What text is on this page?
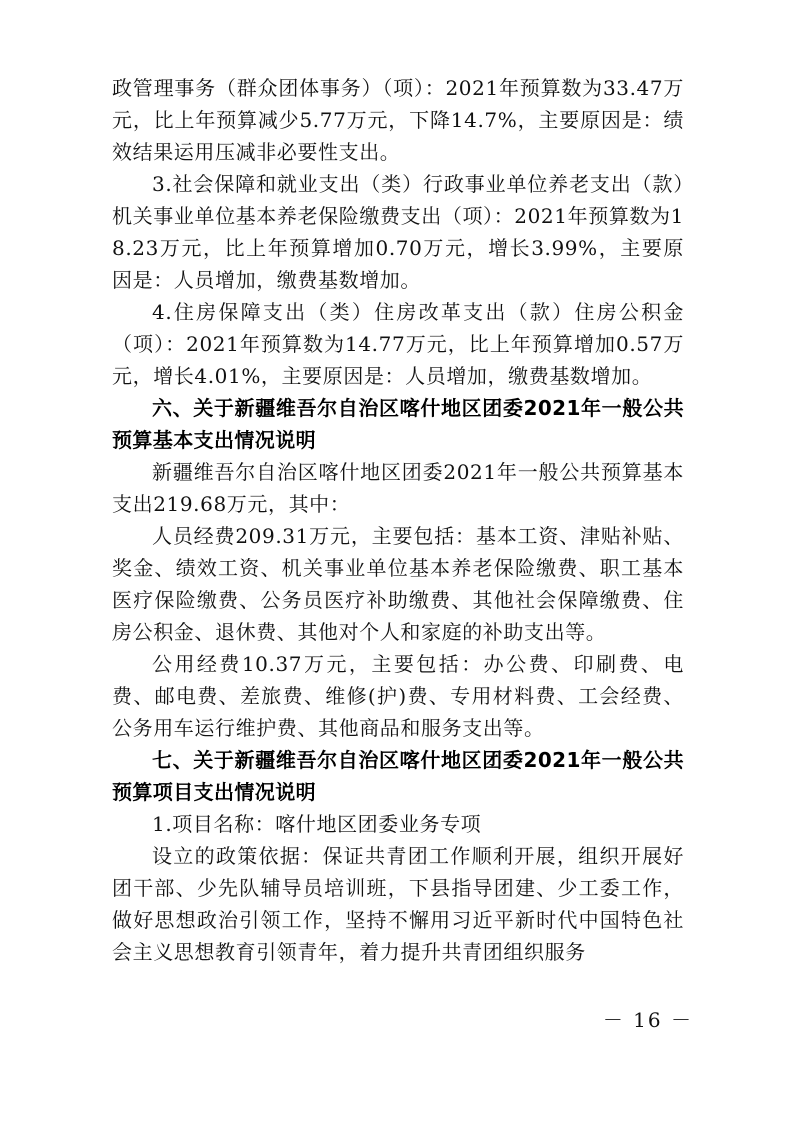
政管理事务（群众团体事务）（项）：2021年预算数为33.47万元，比上年预算减少5.77万元，下降14.7%，主要原因是：绩效结果运用压减非必要性支出。

3.社会保障和就业支出（类）行政事业单位养老支出（款）机关事业单位基本养老保险缴费支出（项）：2021年预算数为18.23万元，比上年预算增加0.70万元，增长3.99%，主要原因是：人员增加，缴费基数增加。

4.住房保障支出（类）住房改革支出（款）住房公积金（项）：2021年预算数为14.77万元，比上年预算增加0.57万元，增长4.01%，主要原因是：人员增加，缴费基数增加。

六、关于新疆维吾尔自治区喀什地区团委2021年一般公共预算基本支出情况说明

新疆维吾尔自治区喀什地区团委2021年一般公共预算基本支出219.68万元，其中：

人员经费209.31万元，主要包括：基本工资、津贴补贴、奖金、绩效工资、机关事业单位基本养老保险缴费、职工基本医疗保险缴费、公务员医疗补助缴费、其他社会保障缴费、住房公积金、退休费、其他对个人和家庭的补助支出等。

公用经费10.37万元，主要包括：办公费、印刷费、电费、邮电费、差旅费、维修(护)费、专用材料费、工会经费、公务用车运行维护费、其他商品和服务支出等。

七、关于新疆维吾尔自治区喀什地区团委2021年一般公共预算项目支出情况说明

1.项目名称：喀什地区团委业务专项

设立的政策依据：保证共青团工作顺利开展，组织开展好团干部、少先队辅导员培训班，下县指导团建、少工委工作，做好思想政治引领工作，坚持不懈用习近平新时代中国特色社会主义思想教育引领青年，着力提升共青团组织服务

－ 16 －
